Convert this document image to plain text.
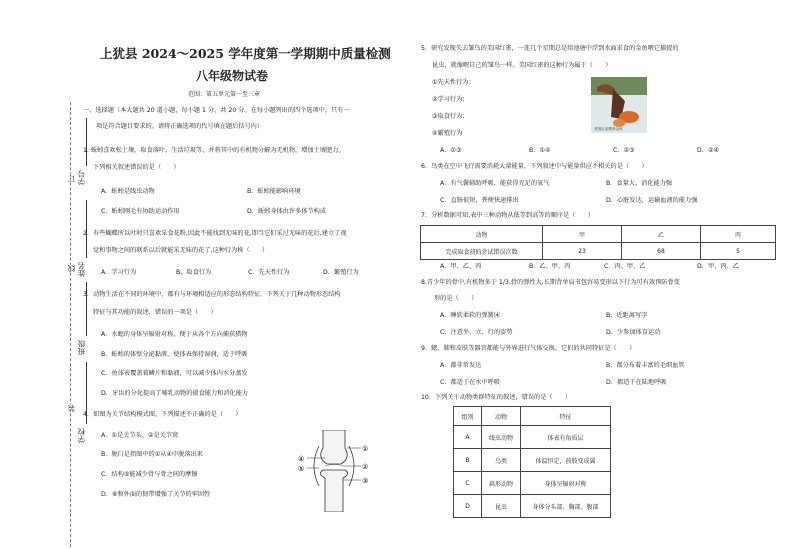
学号
姓名
班级
学校
订
线
装
上犹县 2024～2025 学年度第一学期期中质量检测
八年级物试卷
范围：第五单元第一至三章
一、选择题（本大题共 20 道小题，每小题 1 分，共 20 分。在每小题列出的四个选项中，只有一
项是符合题目要求的。请将正确选项的代号填在题后括号内）
1. 蚯蚓喜欢松土壤，取食落叶、生活垃圾等，并将其中的有机物分解为无机物，增加土壤肥力。
下列相关叙述错误的是（　　）
A．蚯蚓是线虫动物	B．蚯蚓能影响环境
C．蚯蚓刚毛有协助运动作用	D．蚯蚓身体由许多体节构成
2．有些蝴蝶所以吐时只喜欢采食花粉,因此不能找到无味的花,即当它们采过无味的花后,建立了视
觉和事物之间的联系以后就能采无味的花了,这种行为称（　　）
A．学习行为	B．取食行为	C．先天性行为	D．繁殖行为
3．动物生活在不同的环境中，都有与环境相适应的形态结构特征。下列关于几种动物形态结构
特征与其功能的叙述，错误的一项是（　　）
A．水螅的身体呈辐射对称，便于从各个方向捕获猎物
B．蚯蚓的体壁分泌黏液，使体表保持湿润，适于呼吸
C．鱼体表覆盖着鳞片和黏液，可以减少体内水分蒸发
D．牙齿的分化提高了哺乳动物的摄食能力和消化能力
4．如图为关节结构模式图，下列描述不正确的是（　　）
A．①是关节头、②是关节窝
B．脱臼是指图中的①从④中脱落出来
C．结构⑤能减少骨与骨之间的摩擦
D．⑥和外面的韧带增强了关节的牢固性
①
②
③
④
⑤
5．研究发现失去雏鸟的美国红雀，一连几个星期总是给池塘中浮到水面求食的金鱼喂它捕捉的
昆虫，就像喂自己的雏鸟一样。美国红雀的这种行为属于（　　）
①先天性行为；
②学习行为；
③取食行为；
④繁殖行为
美国红雀喂养金鱼
A．①③	B．①④	C．②③	D．②④
6．鸟类在空中飞行需要消耗大量能量，下列叙述中与能量供应不相关的是（　　）
A．有气囊辅助呼吸，能获得充足的氧气	B．食量大，消化能力强
C．直肠很短，粪便快速排出	D．心脏发达，运输血液的能力强
7．分析数据可知,表中三种动物从低等到高等的顺序是（　　）
动物	甲	乙	丙
完成取食前的尝试错误次数	23	68	5
A．甲、乙、丙	B．乙、甲、丙	C．丙、甲、乙	D．甲、丙、乙
8.青少年的骨中,有机物多于 1/3,骨的弹性大,长期背单肩书包容易变形以下行为可有效预防骨变
形的是（　　）
A．睡软柔软的弹簧床	B．近距离写字
C．注意坐、立、行的姿势	D．少参加体育运动
9．鳃、肺和皮肤等器官都能与外界进行气体交换，它们的共同特征是（　　）
A．都非常发达	B．都分布着丰富的毛细血管
C．都适于在水中呼吸	D．都适于在陆地呼吸
10．下列关于动物类群特征的叙述，错误的是（　　）
组别	动物	特征
A	线虫动物	体表有角质层
B	鸟类	体温恒定，前肢变成翼
C	扁形动物	身体呈辐射对称
D	昆虫	身体分头部、胸部、腹部
